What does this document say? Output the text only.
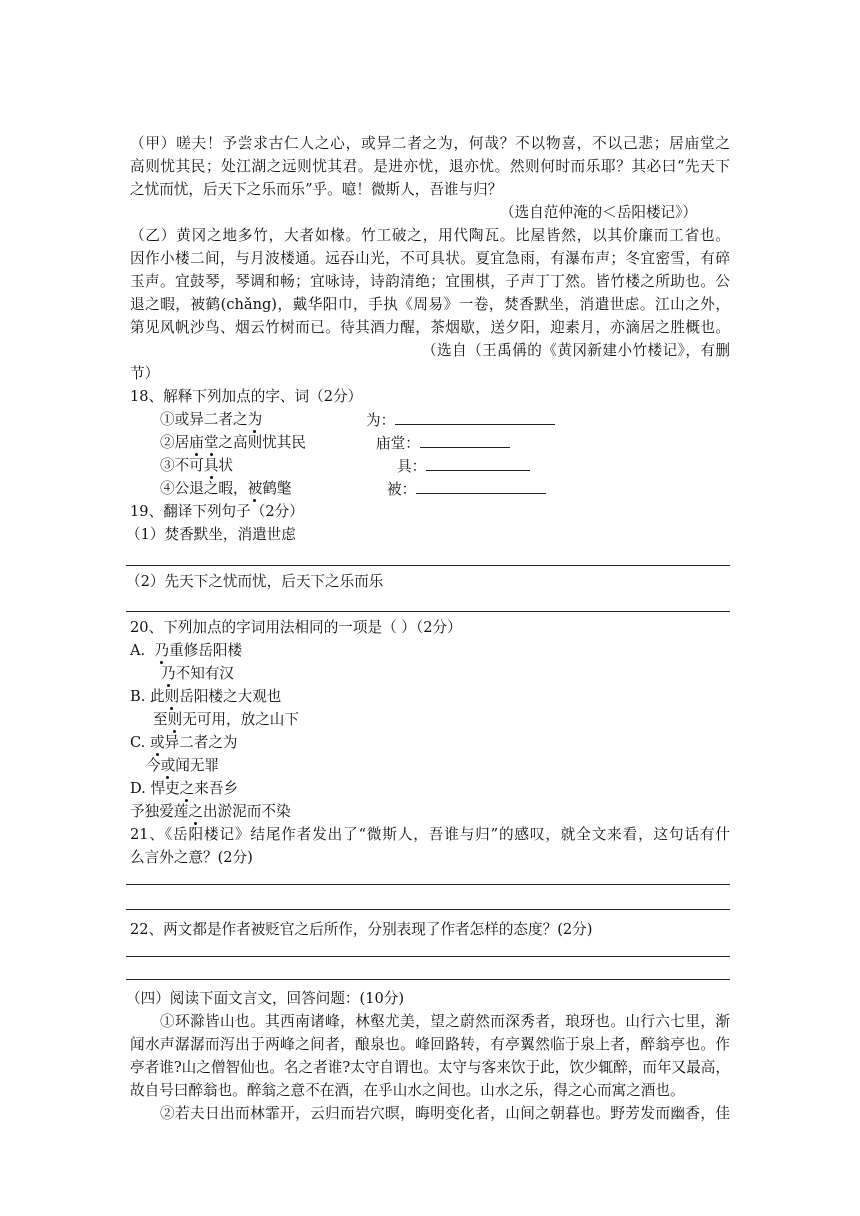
（甲）嗟夫！予尝求古仁人之心，或异二者之为，何哉？不以物喜，不以己悲；居庙堂之
高则忧其民；处江湖之远则忧其君。是进亦忧，退亦忧。然则何时而乐耶？其必曰“先天下
之忧而忧，后天下之乐而乐”乎。噫！微斯人，吾谁与归？
（选自范仲淹的＜岳阳楼记》）
（乙）黄冈之地多竹，大者如椽。竹工破之，用代陶瓦。比屋皆然，以其价廉而工省也。
因作小楼二间，与月波楼通。远吞山光，不可具状。夏宜急雨，有瀑布声；冬宜密雪，有碎
玉声。宜鼓琴，琴调和畅；宜咏诗，诗韵清绝；宜围棋，子声丁丁然。皆竹楼之所助也。公
退之暇，被鹤(chǎng)，戴华阳巾，手执《周易》一卷，焚香默坐，消遣世虑。江山之外，
第见风帆沙鸟、烟云竹树而已。待其酒力醒，茶烟歇，送夕阳，迎素月，亦滴居之胜概也。
（选自（王禹偁的《黄冈新建小竹楼记》，有删
节）
18、解释下列加点的字、词（2分）
①或异二者之为	为：
②居庙堂之高则忧其民	庙堂：
③不可具状	具：
④公退之暇，被鹤氅	被：
19、翻译下列句子（2分）
（1）焚香默坐，消遣世虑
（2）先天下之忧而忧，后天下之乐而乐
20、下列加点的字词用法相同的一项是（ ）（2分）
A.  乃重修岳阳楼
乃不知有汉
B. 此则岳阳楼之大观也
至则无可用，放之山下
C. 或异二者之为
今或闻无罪
D. 悍吏之来吾乡
予独爱莲之出淤泥而不染
21、《岳阳楼记》结尾作者发出了“微斯人，吾谁与归”的感叹，就全文来看，这句话有什
么言外之意？(2分)
22、两文都是作者被贬官之后所作，分别表现了作者怎样的态度？(2分)
（四）阅读下面文言文，回答问题：(10分)
①环滁皆山也。其西南诸峰，林壑尤美，望之蔚然而深秀者，琅玡也。山行六七里，渐
闻水声潺潺而泻出于两峰之间者，酿泉也。峰回路转，有亭翼然临于泉上者，醉翁亭也。作
亭者谁?山之僧智仙也。名之者谁?太守自谓也。太守与客来饮于此，饮少辄醉，而年又最高，
故自号曰醉翁也。醉翁之意不在酒，在乎山水之间也。山水之乐，得之心而寓之酒也。
②若夫日出而林霏开，云归而岩穴暝，晦明变化者，山间之朝暮也。野芳发而幽香，佳
